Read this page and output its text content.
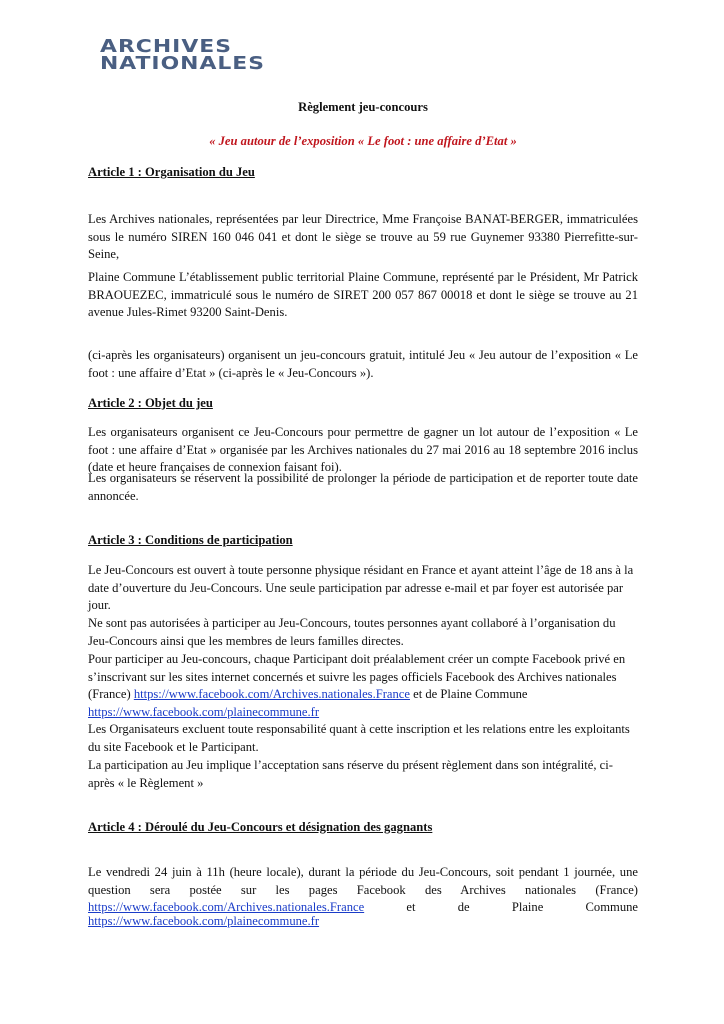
ARCHIVES
NATIONALES

Règlement jeu-concours

« Jeu autour de l’exposition « Le foot : une affaire d’Etat »

Article 1 : Organisation du Jeu

Les Archives nationales, représentées par leur Directrice, Mme Françoise BANAT-BERGER, immatriculées sous le numéro SIREN 160 046 041 et dont le siège se trouve au 59 rue Guynemer 93380 Pierrefitte-sur-Seine,

Plaine Commune L’établissement public territorial Plaine Commune, représenté par le Président, Mr Patrick BRAOUEZEC, immatriculé sous le numéro de SIRET 200 057 867 00018 et dont le siège se trouve au 21 avenue Jules-Rimet 93200 Saint-Denis.

(ci-après les organisateurs) organisent un jeu-concours gratuit, intitulé Jeu « Jeu autour de l’exposition « Le foot : une affaire d’Etat » (ci-après le « Jeu-Concours »).

Article 2 : Objet du jeu

Les organisateurs organisent ce Jeu-Concours pour permettre de gagner un lot autour de l’exposition « Le foot : une affaire d’Etat » organisée par les Archives nationales du 27 mai 2016 au 18 septembre 2016 inclus (date et heure françaises de connexion faisant foi).

Les organisateurs se réservent la possibilité de prolonger la période de participation et de reporter toute date annoncée.

Article 3 : Conditions de participation

Le Jeu-Concours est ouvert à toute personne physique résidant en France et ayant atteint l’âge de 18 ans à la date d’ouverture du Jeu-Concours. Une seule participation par adresse e-mail et par foyer est autorisée par jour.

Ne sont pas autorisées à participer au Jeu-Concours, toutes personnes ayant collaboré à l’organisation du Jeu-Concours ainsi que les membres de leurs familles directes.

Pour participer au Jeu-concours, chaque Participant doit préalablement créer un compte Facebook privé en s’inscrivant sur les sites internet concernés et suivre les pages officiels Facebook des Archives nationales (France) https://www.facebook.com/Archives.nationales.France et de Plaine Commune https://www.facebook.com/plainecommune.fr

Les Organisateurs excluent toute responsabilité quant à cette inscription et les relations entre les exploitants du site Facebook et le Participant.

La participation au Jeu implique l’acceptation sans réserve du présent règlement dans son intégralité, ci-après « le Règlement »

Article 4 : Déroulé du Jeu-Concours et désignation des gagnants

Le vendredi 24 juin à 11h (heure locale), durant la période du Jeu-Concours, soit pendant 1 journée, une question sera postée sur les pages Facebook des Archives nationales (France)

https://www.facebook.com/Archives.nationales.France	et de Plaine Commune

https://www.facebook.com/plainecommune.fr
